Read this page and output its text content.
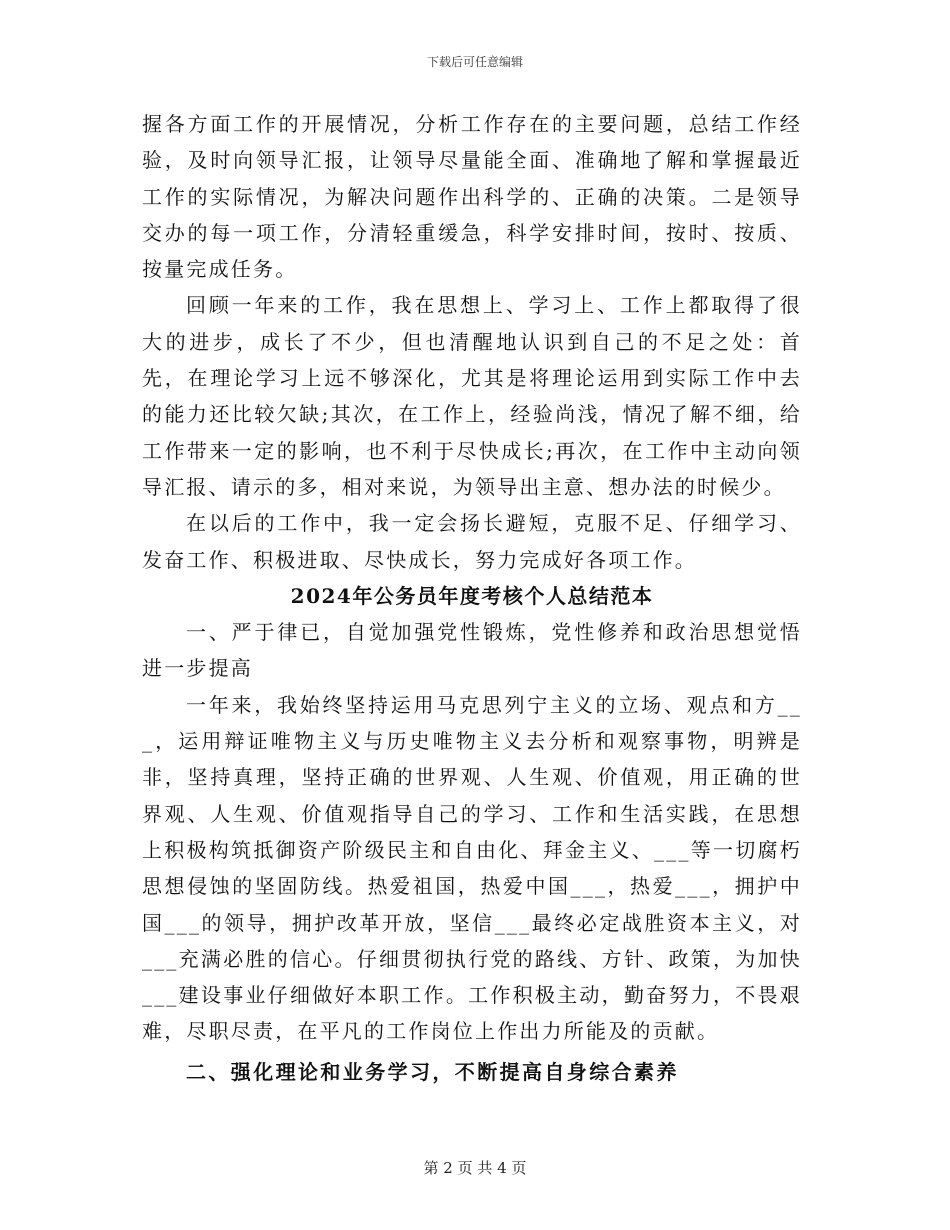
下载后可任意编辑

握各方面工作的开展情况，分析工作存在的主要问题，总结工作经验，及时向领导汇报，让领导尽量能全面、准确地了解和掌握最近工作的实际情况，为解决问题作出科学的、正确的决策。二是领导交办的每一项工作，分清轻重缓急，科学安排时间，按时、按质、按量完成任务。

回顾一年来的工作，我在思想上、学习上、工作上都取得了很大的进步，成长了不少，但也清醒地认识到自己的不足之处：首先，在理论学习上远不够深化，尤其是将理论运用到实际工作中去的能力还比较欠缺;其次，在工作上，经验尚浅，情况了解不细，给工作带来一定的影响，也不利于尽快成长;再次，在工作中主动向领导汇报、请示的多，相对来说，为领导出主意、想办法的时候少。

在以后的工作中，我一定会扬长避短，克服不足、仔细学习、发奋工作、积极进取、尽快成长，努力完成好各项工作。

2024年公务员年度考核个人总结范本

一、严于律已，自觉加强党性锻炼，党性修养和政治思想觉悟进一步提高

一年来，我始终坚持运用马克思列宁主义的立场、观点和方___，运用辩证唯物主义与历史唯物主义去分析和观察事物，明辨是非，坚持真理，坚持正确的世界观、人生观、价值观，用正确的世界观、人生观、价值观指导自己的学习、工作和生活实践，在思想上积极构筑抵御资产阶级民主和自由化、拜金主义、___等一切腐朽思想侵蚀的坚固防线。热爱祖国，热爱中国___，热爱___，拥护中国___的领导，拥护改革开放，坚信___最终必定战胜资本主义，对___充满必胜的信心。仔细贯彻执行党的路线、方针、政策，为加快___建设事业仔细做好本职工作。工作积极主动，勤奋努力，不畏艰难，尽职尽责，在平凡的工作岗位上作出力所能及的贡献。

二、强化理论和业务学习，不断提高自身综合素养

第 2 页 共 4 页
